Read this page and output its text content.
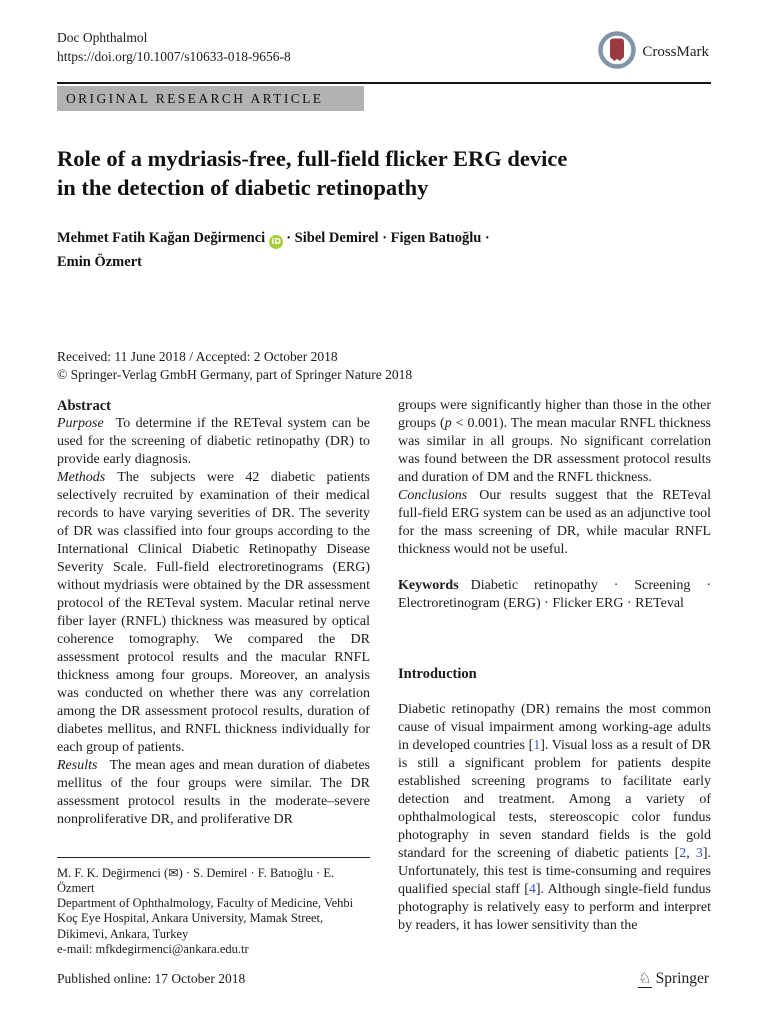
Doc Ophthalmol
https://doi.org/10.1007/s10633-018-9656-8	CrossMark
ORIGINAL RESEARCH ARTICLE
Role of a mydriasis-free, full-field flicker ERG device
in the detection of diabetic retinopathy
Mehmet Fatih Kağan Değirmenci iD · Sibel Demirel · Figen Batıoğlu ·
Emin Özmert
Received: 11 June 2018 / Accepted: 2 October 2018
© Springer-Verlag GmbH Germany, part of Springer Nature 2018
Abstract

Purpose To determine if the RETeval system can be used for the screening of diabetic retinopathy (DR) to provide early diagnosis.

Methods The subjects were 42 diabetic patients selectively recruited by examination of their medical records to have varying severities of DR. The severity of DR was classified into four groups according to the International Clinical Diabetic Retinopathy Disease Severity Scale. Full-field electroretinograms (ERG) without mydriasis were obtained by the DR assessment protocol of the RETeval system. Macular retinal nerve fiber layer (RNFL) thickness was measured by optical coherence tomography. We compared the DR assessment protocol results and the macular RNFL thickness among four groups. Moreover, an analysis was conducted on whether there was any correlation among the DR assessment protocol results, duration of diabetes mellitus, and RNFL thickness individually for each group of patients.

Results The mean ages and mean duration of diabetes mellitus of the four groups were similar. The DR assessment protocol results in the moderate–severe nonproliferative DR, and proliferative DR

M. F. K. Değirmenci (✉) · S. Demirel · F. Batıoğlu · E. Özmert
Department of Ophthalmology, Faculty of Medicine, Vehbi Koç Eye Hospital, Ankara University, Mamak Street, Dikimevi, Ankara, Turkey
e-mail: mfkdegirmenci@ankara.edu.tr

groups were significantly higher than those in the other groups (p < 0.001). The mean macular RNFL thickness was similar in all groups. No significant correlation was found between the DR assessment protocol results and duration of DM and the RNFL thickness.

Conclusions Our results suggest that the RETeval full-field ERG system can be used as an adjunctive tool for the mass screening of DR, while macular RNFL thickness would not be useful.

Keywords Diabetic retinopathy · Screening · Electroretinogram (ERG) · Flicker ERG · RETeval

Introduction

Diabetic retinopathy (DR) remains the most common cause of visual impairment among working-age adults in developed countries [1]. Visual loss as a result of DR is still a significant problem for patients despite established screening programs to facilitate early detection and treatment. Among a variety of ophthalmological tests, stereoscopic color fundus photography in seven standard fields is the gold standard for the screening of diabetic patients [2, 3]. Unfortunately, this test is time-consuming and requires qualified special staff [4]. Although single-field fundus photography is relatively easy to perform and interpret by readers, it has lower sensitivity than the

Published online: 17 October 2018	♘ Springer
